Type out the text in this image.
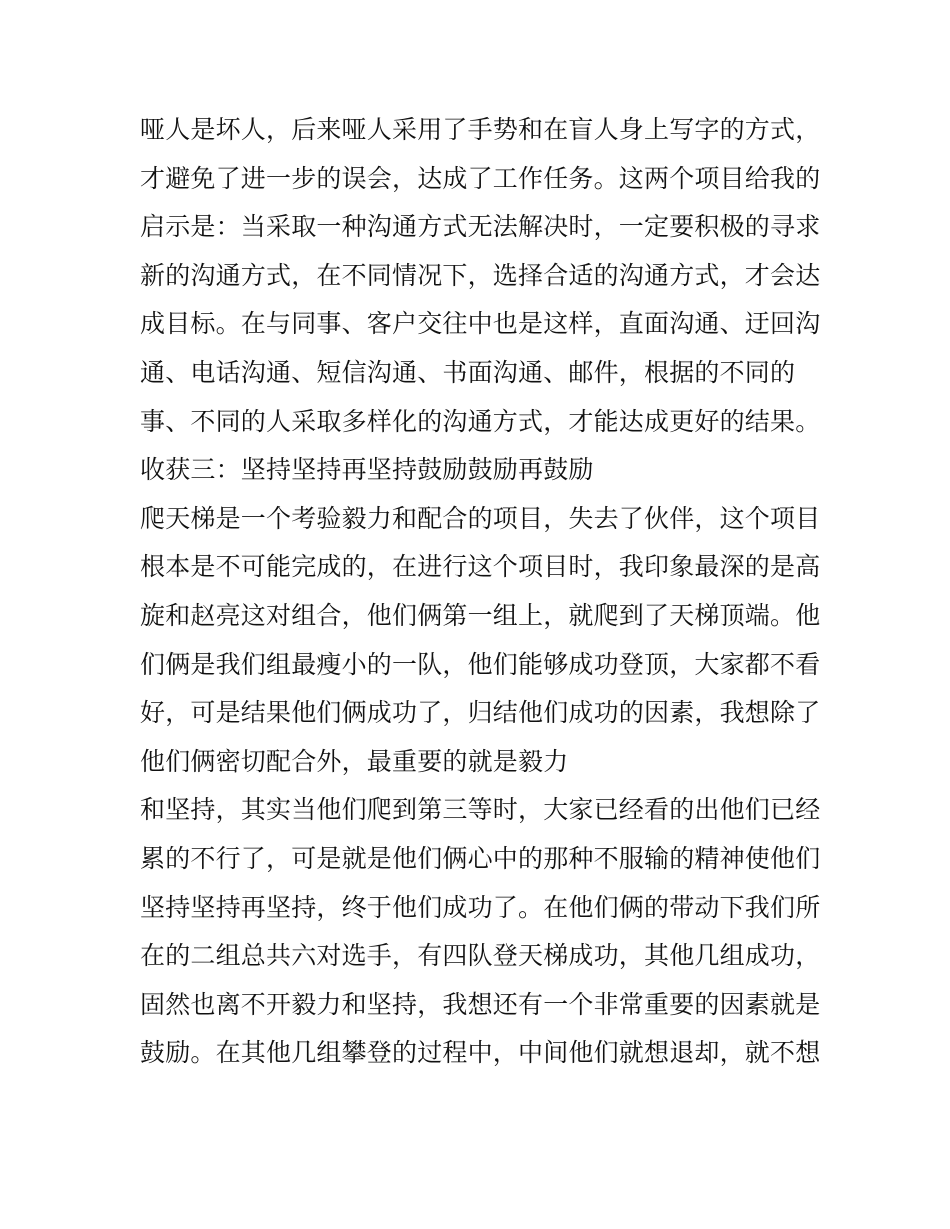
哑人是坏人，后来哑人采用了手势和在盲人身上写字的方式，
才避免了进一步的误会，达成了工作任务。这两个项目给我的
启示是：当采取一种沟通方式无法解决时，一定要积极的寻求
新的沟通方式，在不同情况下，选择合适的沟通方式，才会达
成目标。在与同事、客户交往中也是这样，直面沟通、迂回沟
通、电话沟通、短信沟通、书面沟通、邮件，根据的不同的
事、不同的人采取多样化的沟通方式，才能达成更好的结果。
收获三：坚持坚持再坚持鼓励鼓励再鼓励
爬天梯是一个考验毅力和配合的项目，失去了伙伴，这个项目
根本是不可能完成的，在进行这个项目时，我印象最深的是高
旋和赵亮这对组合，他们俩第一组上，就爬到了天梯顶端。他
们俩是我们组最瘦小的一队，他们能够成功登顶，大家都不看
好，可是结果他们俩成功了，归结他们成功的因素，我想除了
他们俩密切配合外，最重要的就是毅力
和坚持，其实当他们爬到第三等时，大家已经看的出他们已经
累的不行了，可是就是他们俩心中的那种不服输的精神使他们
坚持坚持再坚持，终于他们成功了。在他们俩的带动下我们所
在的二组总共六对选手，有四队登天梯成功，其他几组成功，
固然也离不开毅力和坚持，我想还有一个非常重要的因素就是
鼓励。在其他几组攀登的过程中，中间他们就想退却，就不想
